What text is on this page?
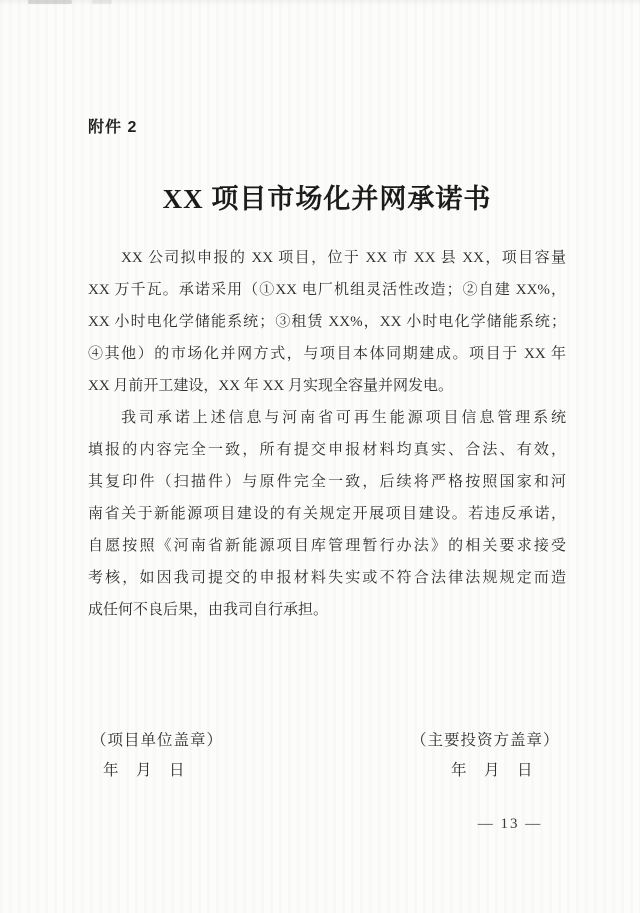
附件 2
XX 项目市场化并网承诺书
XX 公司拟申报的 XX 项目，位于 XX 市 XX 县 XX，项目容量
XX 万千瓦。承诺采用（①XX 电厂机组灵活性改造；②自建 XX%，
XX 小时电化学储能系统；③租赁 XX%，XX 小时电化学储能系统；
④其他）的市场化并网方式，与项目本体同期建成。项目于 XX 年
XX 月前开工建设，XX 年 XX 月实现全容量并网发电。
我司承诺上述信息与河南省可再生能源项目信息管理系统
填报的内容完全一致，所有提交申报材料均真实、合法、有效，
其复印件（扫描件）与原件完全一致，后续将严格按照国家和河
南省关于新能源项目建设的有关规定开展项目建设。若违反承诺，
自愿按照《河南省新能源项目库管理暂行办法》的相关要求接受
考核，如因我司提交的申报材料失实或不符合法律法规规定而造
成任何不良后果，由我司自行承担。
（项目单位盖章）
年　月　日
（主要投资方盖章）
年　月　日
— 13 —
